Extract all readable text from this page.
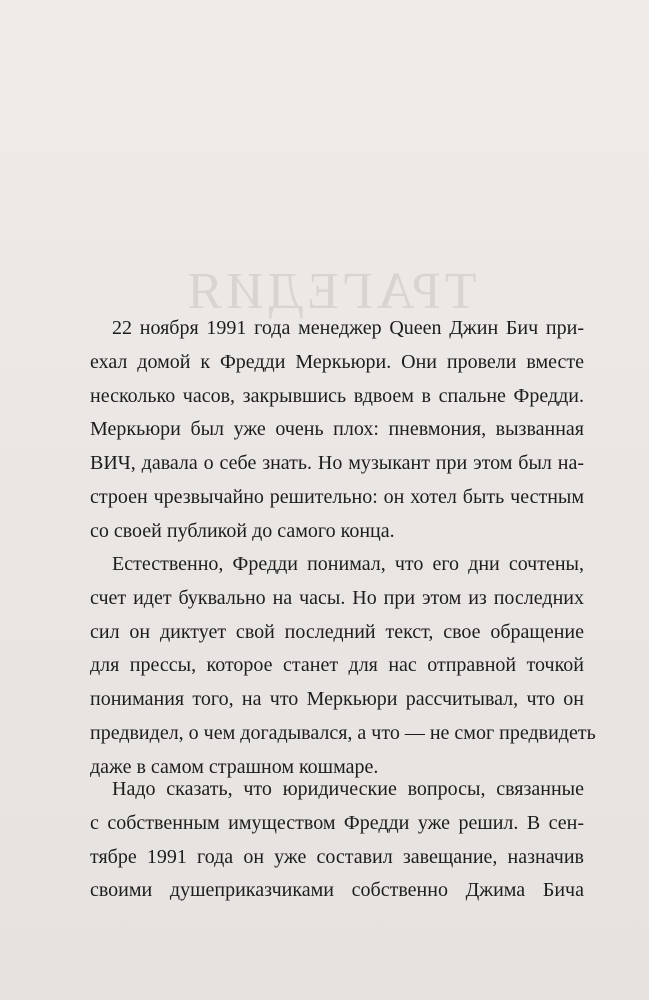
ТРАГЕДИЯ
22 ноября 1991 года менеджер Queen Джин Бич при-
ехал домой к Фредди Меркьюри. Они провели вместе
несколько часов, закрывшись вдвоем в спальне Фредди.
Меркьюри был уже очень плох: пневмония, вызванная
ВИЧ, давала о себе знать. Но музыкант при этом был на-
строен чрезвычайно решительно: он хотел быть честным
со своей публикой до самого конца.
Естественно, Фредди понимал, что его дни сочтены,
счет идет буквально на часы. Но при этом из последних
сил он диктует свой последний текст, свое обращение
для прессы, которое станет для нас отправной точкой
понимания того, на что Меркьюри рассчитывал, что он
предвидел, о чем догадывался, а что — не смог предвидеть
даже в самом страшном кошмаре.
Надо сказать, что юридические вопросы, связанные
с собственным имуществом Фредди уже решил. В сен-
тябре 1991 года он уже составил завещание, назначив
своими душеприказчиками собственно Джима Бича
